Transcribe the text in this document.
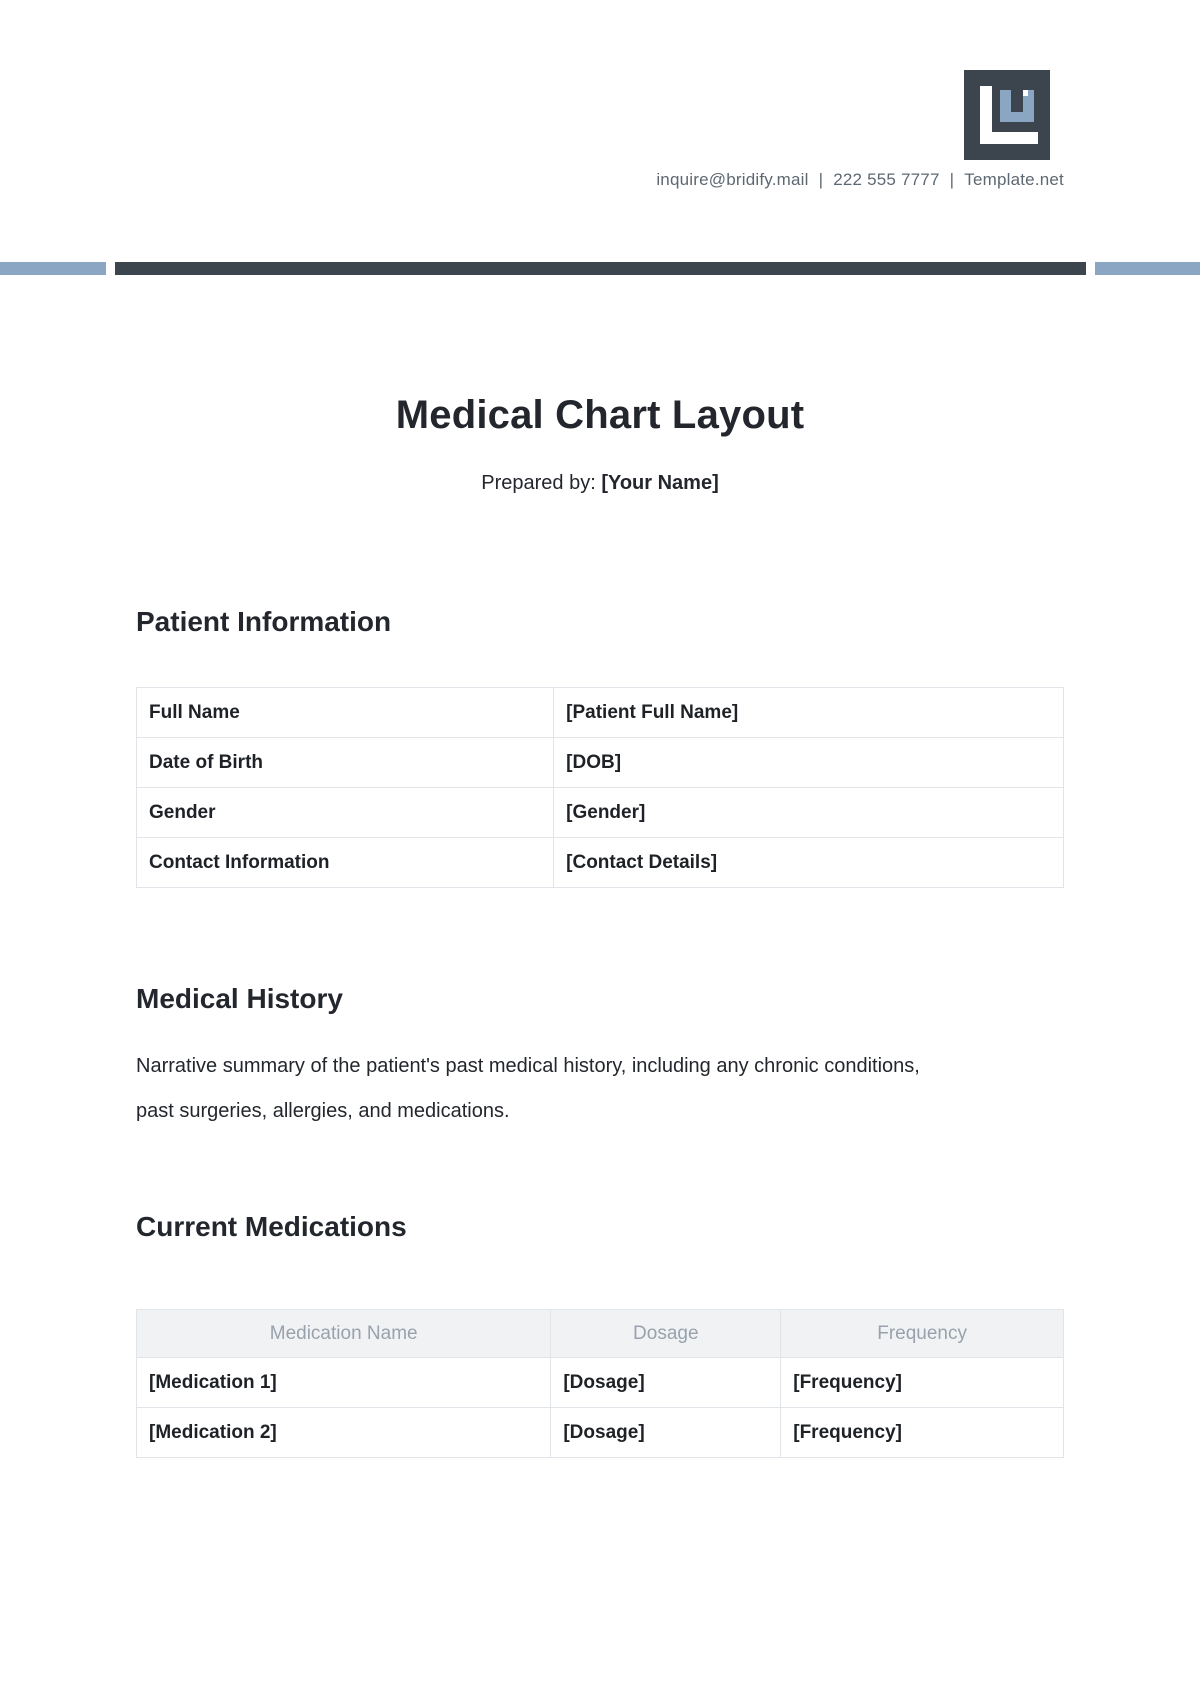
inquire@bridify.mail | 222 555 7777 | Template.net
Medical Chart Layout
Prepared by: [Your Name]
Patient Information
Full Name	[Patient Full Name]
Date of Birth	[DOB]
Gender	[Gender]
Contact Information	[Contact Details]
Medical History

Narrative summary of the patient's past medical history, including any chronic conditions, past surgeries, allergies, and medications.

Current Medications
Medication Name	Dosage	Frequency
[Medication 1]	[Dosage]	[Frequency]
[Medication 2]	[Dosage]	[Frequency]
